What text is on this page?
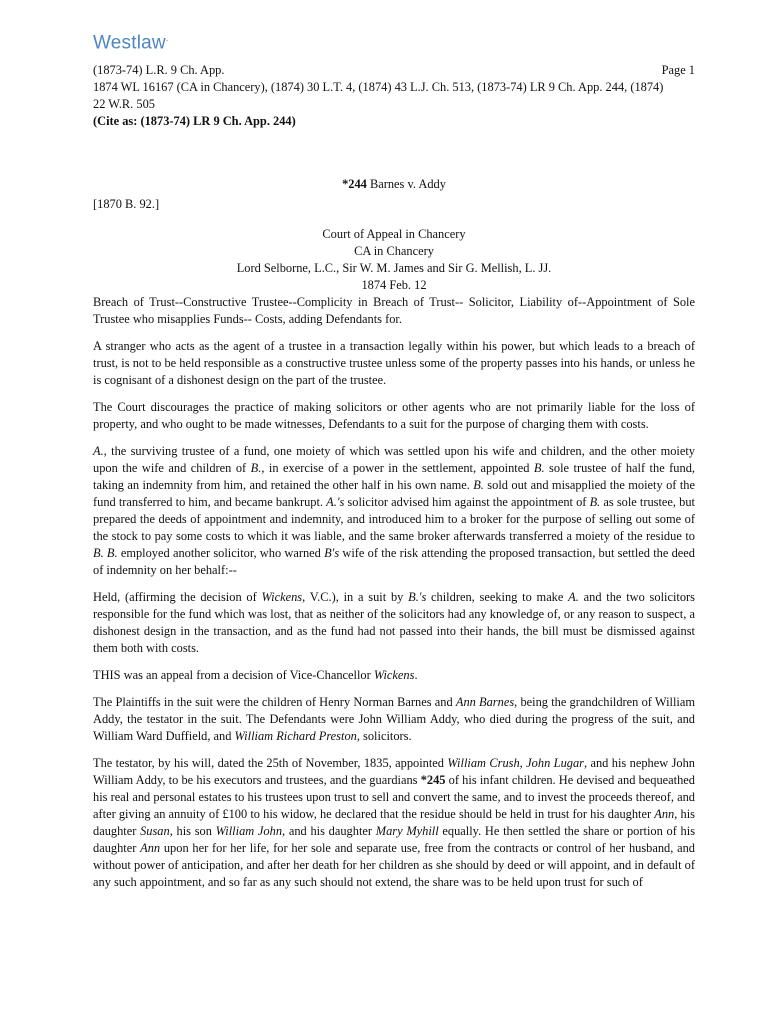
Westlaw.
(1873-74) L.R. 9 Ch. App.	Page 1
1874 WL 16167 (CA in Chancery), (1874) 30 L.T. 4, (1874) 43 L.J. Ch. 513, (1873-74) LR 9 Ch. App. 244, (1874)
22 W.R. 505
(Cite as: (1873-74) LR 9 Ch. App. 244)
*244 Barnes v. Addy
[1870 B. 92.]
Court of Appeal in Chancery
CA in Chancery
Lord Selborne, L.C., Sir W. M. James and Sir G. Mellish, L. JJ.
1874 Feb. 12

Breach of Trust--Constructive Trustee--Complicity in Breach of Trust-- Solicitor, Liability of--Appointment of Sole Trustee who misapplies Funds-- Costs, adding Defendants for.

A stranger who acts as the agent of a trustee in a transaction legally within his power, but which leads to a breach of trust, is not to be held responsible as a constructive trustee unless some of the property passes into his hands, or unless he is cognisant of a dishonest design on the part of the trustee.

The Court discourages the practice of making solicitors or other agents who are not primarily liable for the loss of property, and who ought to be made witnesses, Defendants to a suit for the purpose of charging them with costs.

A., the surviving trustee of a fund, one moiety of which was settled upon his wife and children, and the other moiety upon the wife and children of B., in exercise of a power in the settlement, appointed B. sole trustee of half the fund, taking an indemnity from him, and retained the other half in his own name. B. sold out and misapplied the moiety of the fund transferred to him, and became bankrupt. A.'s solicitor advised him against the appointment of B. as sole trustee, but prepared the deeds of appointment and indemnity, and introduced him to a broker for the purpose of selling out some of the stock to pay some costs to which it was liable, and the same broker afterwards transferred a moiety of the residue to B. B. employed another solicitor, who warned B's wife of the risk attending the proposed transaction, but settled the deed of indemnity on her behalf:--

Held, (affirming the decision of Wickens, V.C.), in a suit by B.'s children, seeking to make A. and the two solicitors responsible for the fund which was lost, that as neither of the solicitors had any knowledge of, or any reason to suspect, a dishonest design in the transaction, and as the fund had not passed into their hands, the bill must be dismissed against them both with costs.

THIS was an appeal from a decision of Vice-Chancellor Wickens.

The Plaintiffs in the suit were the children of Henry Norman Barnes and Ann Barnes, being the grandchildren of William Addy, the testator in the suit. The Defendants were John William Addy, who died during the progress of the suit, and William Ward Duffield, and William Richard Preston, solicitors.

The testator, by his will, dated the 25th of November, 1835, appointed William Crush, John Lugar, and his nephew John William Addy, to be his executors and trustees, and the guardians *245 of his infant children. He devised and bequeathed his real and personal estates to his trustees upon trust to sell and convert the same, and to invest the proceeds thereof, and after giving an annuity of £100 to his widow, he declared that the residue should be held in trust for his daughter Ann, his daughter Susan, his son William John, and his daughter Mary Myhill equally. He then settled the share or portion of his daughter Ann upon her for her life, for her sole and separate use, free from the contracts or control of her husband, and without power of anticipation, and after her death for her children as she should by deed or will appoint, and in default of any such appointment, and so far as any such should not extend, the share was to be held upon trust for such of
